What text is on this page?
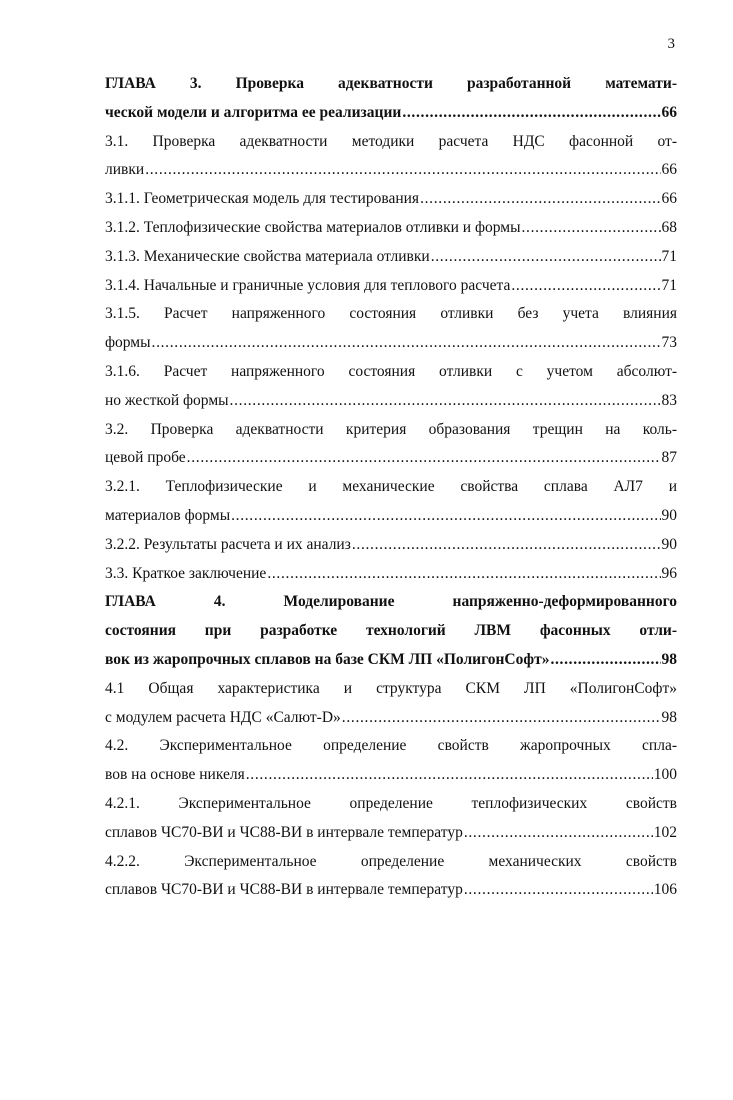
3
ГЛАВА 3. Проверка адекватности разработанной математи-
ческой модели и алгоритма ее реализации . . .	66
3.1. Проверка адекватности методики расчета НДС фасонной от-
ливки . . .	66
3.1.1. Геометрическая модель для тестирования . . .	66
3.1.2. Теплофизические свойства материалов отливки и формы . . .	68
3.1.3. Механические свойства материала отливки . . .	71
3.1.4. Начальные и граничные условия для теплового расчета . . .	71
3.1.5. Расчет напряженного состояния отливки без учета влияния
формы . . .	73
3.1.6. Расчет напряженного состояния отливки с учетом абсолют-
но жесткой формы . . .	83
3.2. Проверка адекватности критерия образования трещин на коль-
цевой пробе . . .	87
3.2.1. Теплофизические и механические свойства сплава АЛ7 и
материалов формы . . .	90
3.2.2. Результаты расчета и их анализ . . .	90
3.3. Краткое заключение . . .	96
ГЛАВА 4. Моделирование напряженно-деформированного
состояния при разработке технологий ЛВМ фасонных отли-
вок из жаропрочных сплавов на базе СКМ ЛП «ПолигонСофт» . . .	98
4.1 Общая характеристика и структура СКМ ЛП «ПолигонСофт»
с модулем расчета НДС «Салют-D» . . .	98
4.2. Экспериментальное определение свойств жаропрочных спла-
вов на основе никеля . . .	100
4.2.1. Экспериментальное определение теплофизических свойств
сплавов ЧС70-ВИ и ЧС88-ВИ в интервале температур . . .	102
4.2.2. Экспериментальное определение механических свойств
сплавов ЧС70-ВИ и ЧС88-ВИ в интервале температур . . .	106
